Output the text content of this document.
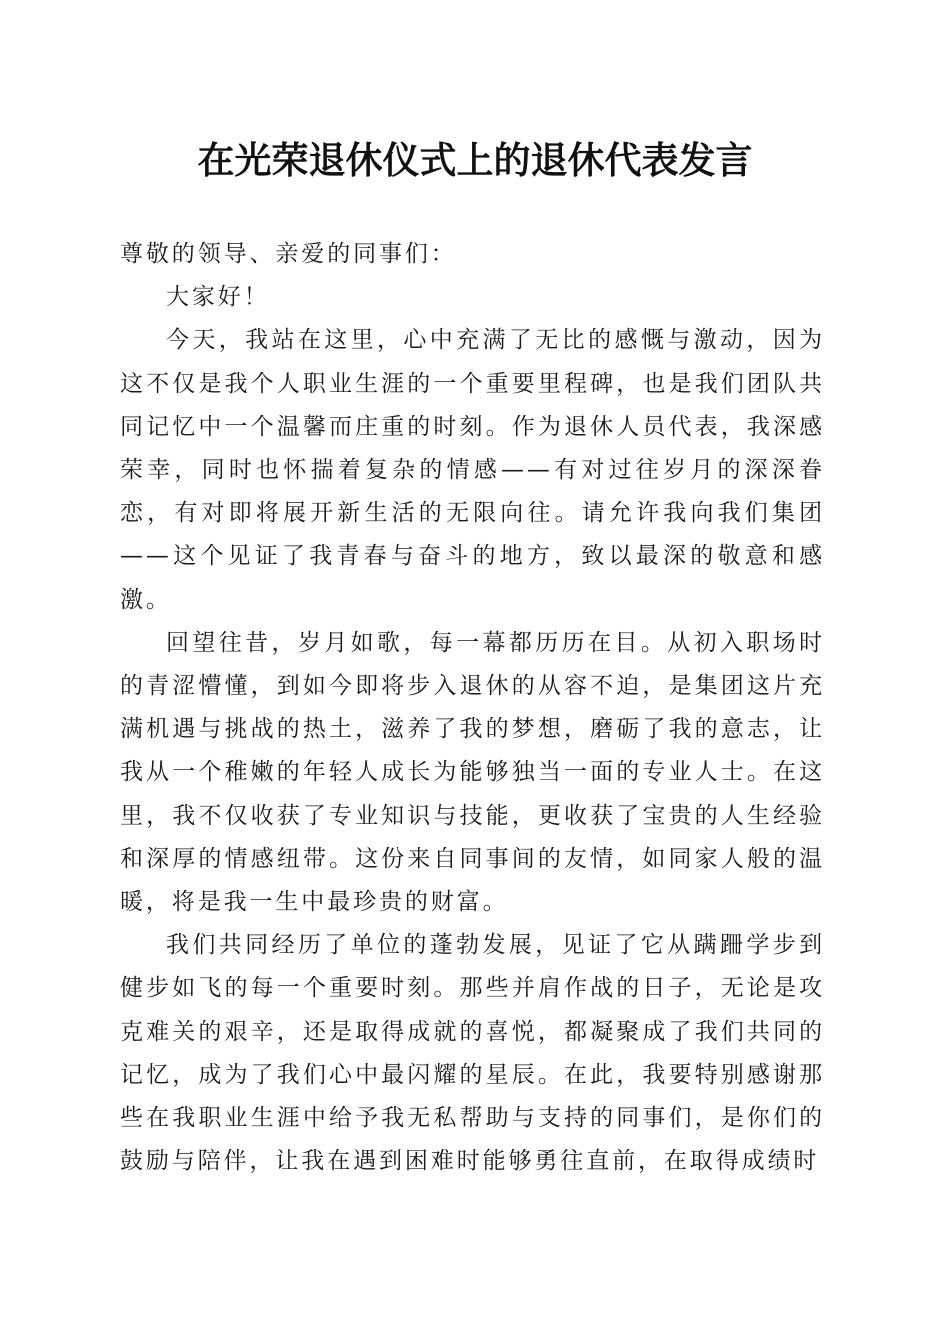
在光荣退休仪式上的退休代表发言

尊敬的领导、亲爱的同事们：

大家好！

今天，我站在这里，心中充满了无比的感慨与激动，因为这不仅是我个人职业生涯的一个重要里程碑，也是我们团队共同记忆中一个温馨而庄重的时刻。作为退休人员代表，我深感荣幸，同时也怀揣着复杂的情感——有对过往岁月的深深眷恋，有对即将展开新生活的无限向往。请允许我向我们集团——这个见证了我青春与奋斗的地方，致以最深的敬意和感激。

回望往昔，岁月如歌，每一幕都历历在目。从初入职场时的青涩懵懂，到如今即将步入退休的从容不迫，是集团这片充满机遇与挑战的热土，滋养了我的梦想，磨砺了我的意志，让我从一个稚嫩的年轻人成长为能够独当一面的专业人士。在这里，我不仅收获了专业知识与技能，更收获了宝贵的人生经验和深厚的情感纽带。这份来自同事间的友情，如同家人般的温暖，将是我一生中最珍贵的财富。

我们共同经历了单位的蓬勃发展，见证了它从蹒跚学步到健步如飞的每一个重要时刻。那些并肩作战的日子，无论是攻克难关的艰辛，还是取得成就的喜悦，都凝聚成了我们共同的记忆，成为了我们心中最闪耀的星辰。在此，我要特别感谢那些在我职业生涯中给予我无私帮助与支持的同事们，是你们的鼓励与陪伴，让我在遇到困难时能够勇往直前，在取得成绩时
